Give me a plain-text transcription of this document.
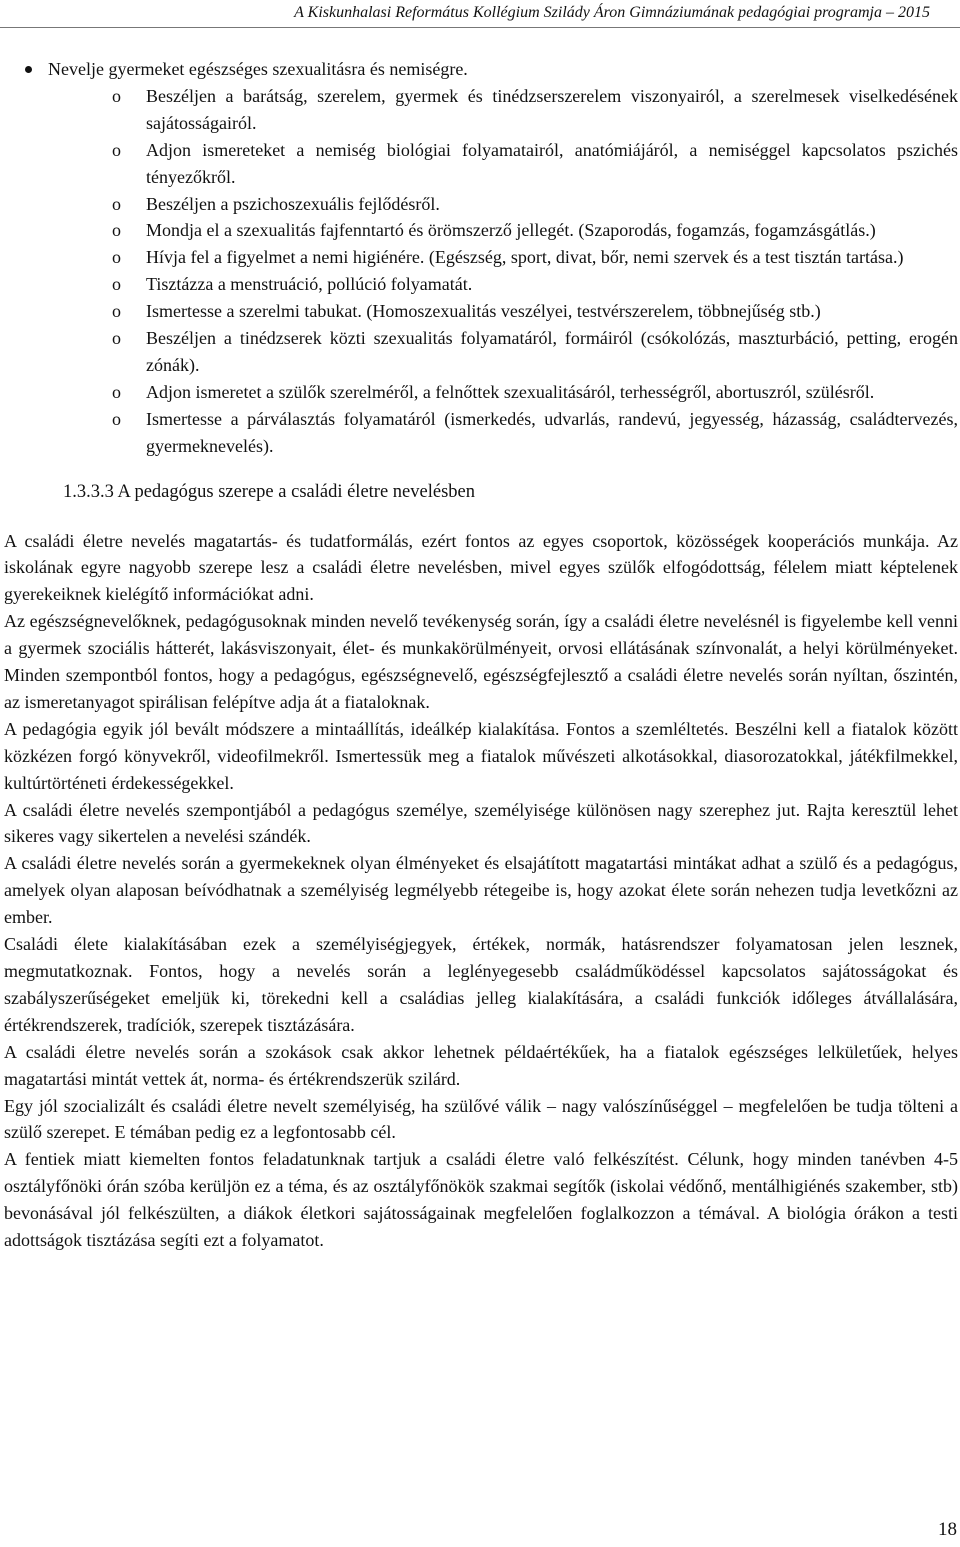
A Kiskunhalasi Református Kollégium Szilády Áron Gimnáziumának pedagógiai programja – 2015
Nevelje gyermeket egészséges szexualitásra és nemiségre.
o Beszéljen a barátság, szerelem, gyermek és tinédzserszerelem viszonyairól, a szerelmesek viselkedésének sajátosságairól.
o Adjon ismereteket a nemiség biológiai folyamatairól, anatómiájáról, a nemiséggel kapcsolatos pszichés tényezőkről.
o Beszéljen a pszichoszexuális fejlődésről.
o Mondja el a szexualitás fajfenntartó és örömszerző jellegét. (Szaporodás, fogamzás, fogamzásgátlás.)
o Hívja fel a figyelmet a nemi higiénére. (Egészség, sport, divat, bőr, nemi szervek és a test tisztán tartása.)
o Tisztázza a menstruáció, pollúció folyamatát.
o Ismertesse a szerelmi tabukat. (Homoszexualitás veszélyei, testvérszerelem, többnejűség stb.)
o Beszéljen a tinédzserek közti szexualitás folyamatáról, formáiról (csókolózás, maszturbáció, petting, erogén zónák).
o Adjon ismeretet a szülők szerelméről, a felnőttek szexualitásáról, terhességről, abortuszról, szülésről.
o Ismertesse a párválasztás folyamatáról (ismerkedés, udvarlás, randevú, jegyesség, házasság, családtervezés, gyermeknevelés).
1.3.3.3 A pedagógus szerepe a családi életre nevelésben
A családi életre nevelés magatartás- és tudatformálás, ezért fontos az egyes csoportok, közösségek kooperációs munkája. Az iskolának egyre nagyobb szerepe lesz a családi életre nevelésben, mivel egyes szülők elfogódottság, félelem miatt képtelenek gyerekeiknek kielégítő információkat adni.
Az egészségnevelőknek, pedagógusoknak minden nevelő tevékenység során, így a családi életre nevelésnél is figyelembe kell venni a gyermek szociális hátterét, lakásviszonyait, élet- és munkakörülményeit, orvosi ellátásának színvonalát, a helyi körülményeket. Minden szempontból fontos, hogy a pedagógus, egészségnevelő, egészségfejlesztő a családi életre nevelés során nyíltan, őszintén, az ismeretanyagot spirálisan felépítve adja át a fiataloknak.
A pedagógia egyik jól bevált módszere a mintaállítás, ideálkép kialakítása. Fontos a szemléltetés. Beszélni kell a fiatalok között közkézen forgó könyvekről, videofilmekről. Ismertessük meg a fiatalok művészeti alkotásokkal, diasorozatokkal, játékfilmekkel, kultúrtörténeti érdekességekkel.
A családi életre nevelés szempontjából a pedagógus személye, személyisége különösen nagy szerephez jut. Rajta keresztül lehet sikeres vagy sikertelen a nevelési szándék.
A családi életre nevelés során a gyermekeknek olyan élményeket és elsajátított magatartási mintákat adhat a szülő és a pedagógus, amelyek olyan alaposan beívódhatnak a személyiség legmélyebb rétegeibe is, hogy azokat élete során nehezen tudja levetkőzni az ember.
Családi élete kialakításában ezek a személyiségjegyek, értékek, normák, hatásrendszer folyamatosan jelen lesznek, megmutatkoznak. Fontos, hogy a nevelés során a leglényegesebb családműködéssel kapcsolatos sajátosságokat és szabályszerűségeket emeljük ki, törekedni kell a családias jelleg kialakítására, a családi funkciók időleges átvállalására, értékrendszerek, tradíciók, szerepek tisztázására.
A családi életre nevelés során a szokások csak akkor lehetnek példaértékűek, ha a fiatalok egészséges lelkületűek, helyes magatartási mintát vettek át, norma- és értékrendszerük szilárd.
Egy jól szocializált és családi életre nevelt személyiség, ha szülővé válik – nagy valószínűséggel – megfelelően be tudja tölteni a szülő szerepet. E témában pedig ez a legfontosabb cél.
A fentiek miatt kiemelten fontos feladatunknak tartjuk a családi életre való felkészítést. Célunk, hogy minden tanévben 4-5 osztályfőnöki órán szóba kerüljön ez a téma, és az osztályfőnökök szakmai segítők (iskolai védőnő, mentálhigiénés szakember, stb) bevonásával jól felkészülten, a diákok életkori sajátosságainak megfelelően foglalkozzon a témával. A biológia órákon a testi adottságok tisztázása segíti ezt a folyamatot.
18
